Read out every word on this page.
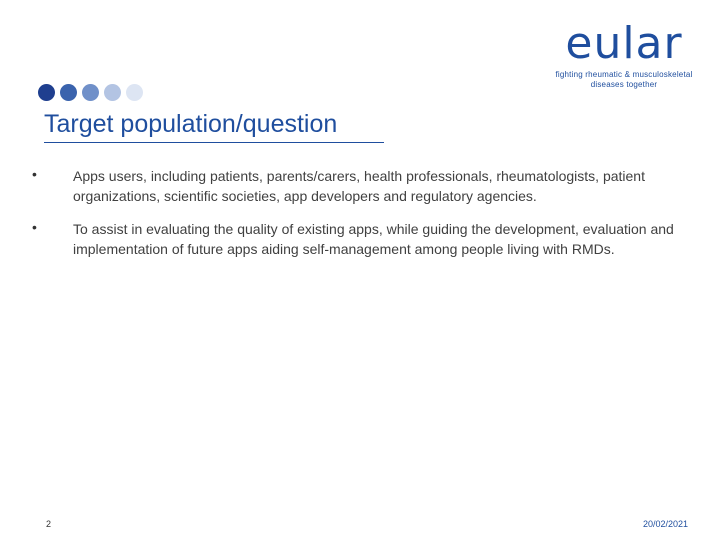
eular
fighting rheumatic & musculoskeletal
diseases together
Target population/question
•	Apps users, including patients, parents/carers, health professionals, rheumatologists, patient organizations, scientific societies, app developers and regulatory agencies.
•	To assist in evaluating the quality of existing apps, while guiding the development, evaluation and implementation of future apps aiding self-management among people living with RMDs.
2	20/02/2021
